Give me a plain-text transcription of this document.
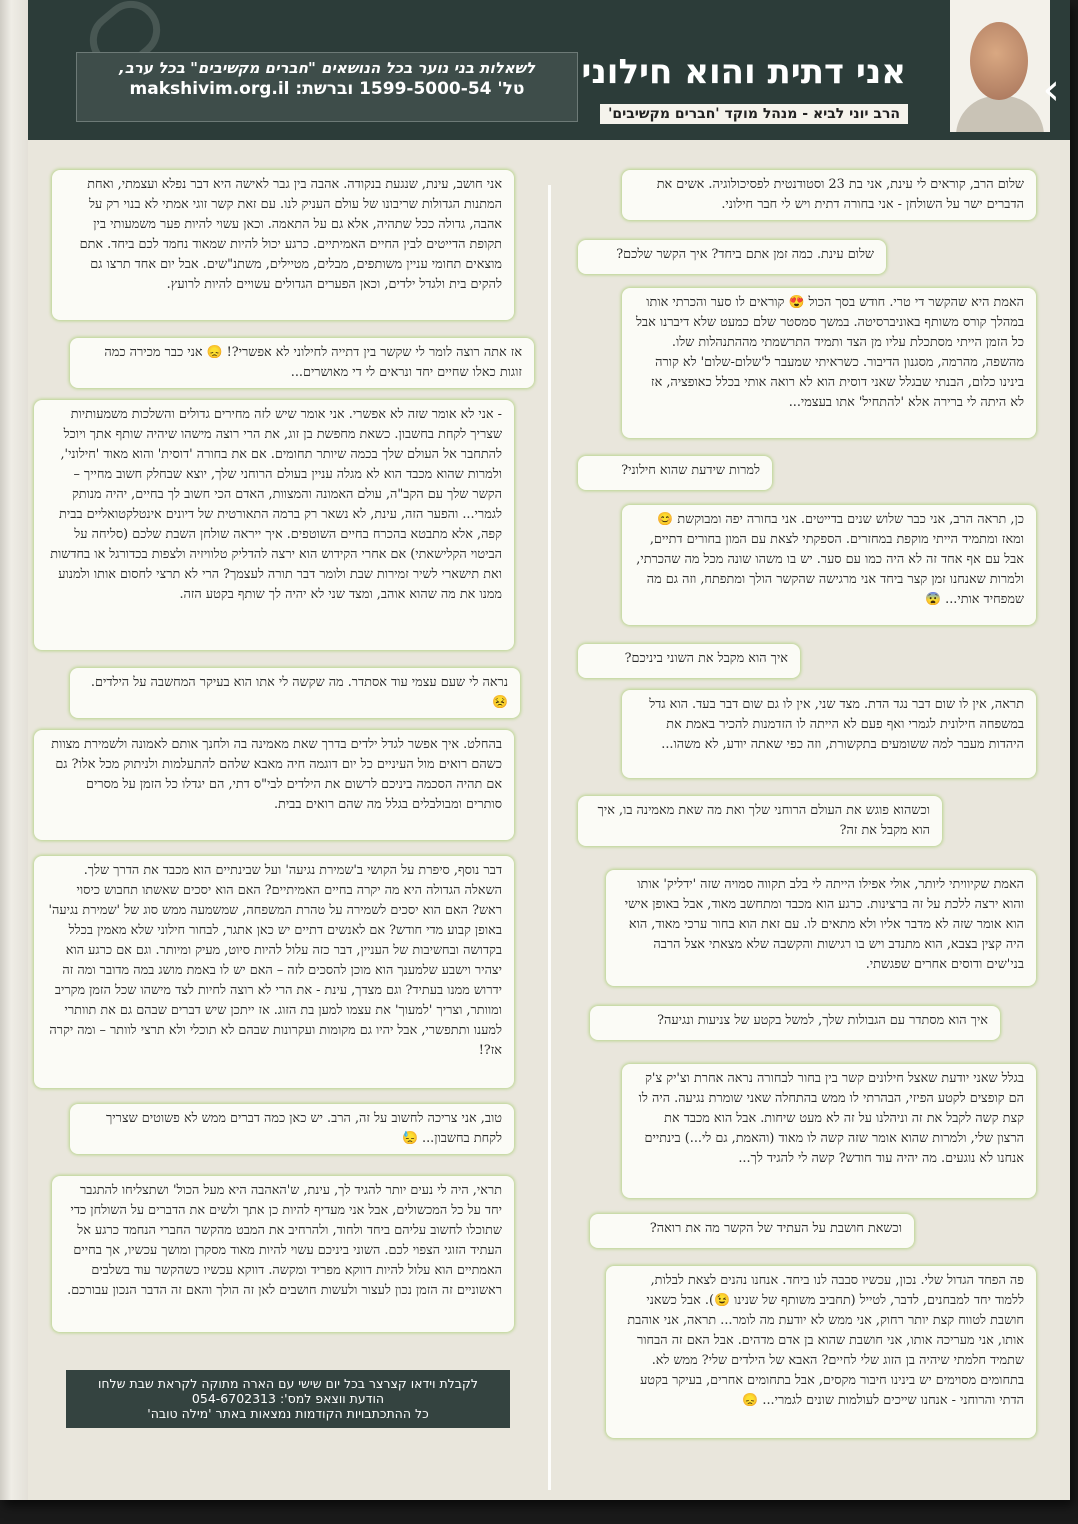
לשאלות בני נוער בכל הנושאים "חברים מקשיבים" בכל ערב,
טל' 1599-5000-54 וברשת: makshivim.org.il	אני דתית והוא חילוני
הרב יוני לביא - מנהל מוקד 'חברים מקשיבים'	‹
שלום הרב, קוראים לי עינת, אני בת 23 וסטודנטית לפסיכולוגיה. אשים את הדברים ישר על השולחן - אני בחורה דתית ויש לי חבר חילוני.
שלום עינת. כמה זמן אתם ביחד? איך הקשר שלכם?
האמת היא שהקשר די טרי. חודש בסך הכול 😍 קוראים לו סער והכרתי אותו במהלך קורס משותף באוניברסיטה. במשך סמסטר שלם כמעט שלא דיברנו אבל כל הזמן הייתי מסתכלת עליו מן הצד ותמיד התרשמתי מההתנהלות שלו. מהשפה, מהרמה, מסגנון הדיבור. כשראיתי שמעבר ל'שלום-שלום' לא קורה בינינו כלום, הבנתי שבגלל שאני דוסית הוא לא רואה אותי בכלל כאופציה, אז לא היתה לי ברירה אלא 'להתחיל' אתו בעצמי...
למרות שידעת שהוא חילוני?
כן, תראה הרב, אני כבר שלוש שנים בדייטים. אני בחורה יפה ומבוקשת 😊 ומאז ומתמיד הייתי מוקפת במחזרים. הספקתי לצאת עם המון בחורים דתיים, אבל עם אף אחד זה לא היה כמו עם סער. יש בו משהו שונה מכל מה שהכרתי, ולמרות שאנחנו זמן קצר ביחד אני מרגישה שהקשר הולך ומתפתח, וזה גם מה שמפחיד אותי... 😨
איך הוא מקבל את השוני ביניכם?
תראה, אין לו שום דבר נגד הדת. מצד שני, אין לו גם שום דבר בעד. הוא גדל במשפחה חילונית לגמרי ואף פעם לא הייתה לו הזדמנות להכיר באמת את היהדות מעבר למה ששומעים בתקשורת, וזה כפי שאתה יודע, לא משהו...
וכשהוא פוגש את העולם הרוחני שלך ואת מה שאת מאמינה בו, איך הוא מקבל את זה?
האמת שקיוויתי ליותר, אולי אפילו הייתה לי בלב תקווה סמויה שזה 'ידליק' אותו והוא ירצה ללכת על זה ברצינות. כרגע הוא מכבד ומתחשב מאוד, אבל באופן אישי הוא אומר שזה לא מדבר אליו ולא מתאים לו. עם זאת הוא בחור ערכי מאוד, הוא היה קצין בצבא, הוא מתנדב ויש בו רגישות והקשבה שלא מצאתי אצל הרבה בני'שים ודוסים אחרים שפגשתי.
איך הוא מסתדר עם הגבולות שלך, למשל בקטע של צניעות ונגיעה?
בגלל שאני יודעת שאצל חילונים קשר בין בחור לבחורה נראה אחרת וצ'יק צ'ק הם קופצים לקטע הפיזי, הבהרתי לו ממש בהתחלה שאני שומרת נגיעה. היה לו קצת קשה לקבל את זה וניהלנו על זה לא מעט שיחות. אבל הוא מכבד את הרצון שלי, ולמרות שהוא אומר שזה קשה לו מאוד (והאמת, גם לי...) בינתיים אנחנו לא נוגעים. מה יהיה עוד חודש? קשה לי להגיד לך...
וכשאת חושבת על העתיד של הקשר מה את רואה?
פה הפחד הגדול שלי. נכון, עכשיו סבבה לנו ביחד. אנחנו נהנים לצאת לבלות, ללמוד יחד למבחנים, לדבר, לטייל (תחביב משותף של שנינו 😉). אבל כשאני חושבת לטווח קצת יותר רחוק, אני ממש לא יודעת מה לומר... תראה, אני אוהבת אותו, אני מעריכה אותו, אני חושבת שהוא בן אדם מדהים. אבל האם זה הבחור שתמיד חלמתי שיהיה בן הזוג שלי לחיים? האבא של הילדים שלי? ממש לא. בתחומים מסוימים יש בינינו חיבור מקסים, אבל בתחומים אחרים, בעיקר בקטע הדתי והרוחני - אנחנו שייכים לעולמות שונים לגמרי... 😞
אני חושב, עינת, שנגעת בנקודה. אהבה בין גבר לאישה היא דבר נפלא ועצמתי, ואחת המתנות הגדולות שריבונו של עולם העניק לנו. עם זאת קשר זוגי אמתי לא בנוי רק על אהבה, גדולה ככל שתהיה, אלא גם על התאמה. וכאן עשוי להיות פער משמעותי בין תקופת הדייטים לבין החיים האמיתיים. כרגע יכול להיות שמאוד נחמד לכם ביחד. אתם מוצאים תחומי עניין משותפים, מבלים, מטיילים, משתנ"שים. אבל יום אחד תרצו גם להקים בית ולגדל ילדים, וכאן הפערים הגדולים עשויים להיות לרועץ.
אז אתה רוצה לומר לי שקשר בין דתייה לחילוני לא אפשרי?! 😞 אני כבר מכירה כמה זוגות כאלו שחיים יחד ונראים לי די מאושרים...
- אני לא אומר שזה לא אפשרי. אני אומר שיש לזה מחירים גדולים והשלכות משמעותיות שצריך לקחת בחשבון. כשאת מחפשת בן זוג, את הרי רוצה מישהו שיהיה שותף אתך ויוכל להתחבר אל העולם שלך בכמה שיותר תחומים. אם את בחורה 'דוסית' והוא מאוד 'חילוני', ולמרות שהוא מכבד הוא לא מגלה עניין בעולם הרוחני שלך, יוצא שבחלק חשוב מחייך – הקשר שלך עם הקב"ה, עולם האמונה והמצוות, האדם הכי חשוב לך בחיים, יהיה מנותק לגמרי... והפער הזה, עינת, לא נשאר רק ברמה התאורטית של דיונים אינטלקטואליים בבית קפה, אלא מתבטא בהכרח בחיים השוטפים. איך ייראה שולחן השבת שלכם (סליחה על הביטוי הקלישאתי) אם אחרי הקידוש הוא ירצה להדליק טלוויזיה ולצפות בכדורגל או בחדשות ואת תישארי לשיר זמירות שבת ולומר דבר תורה לעצמך? הרי לא תרצי לחסום אותו ולמנוע ממנו את מה שהוא אוהב, ומצד שני לא יהיה לך שותף בקטע הזה.
נראה לי שעם עצמי עוד אסתדר. מה שקשה לי אתו הוא בעיקר המחשבה על הילדים. 😣
בהחלט. איך אפשר לגדל ילדים בדרך שאת מאמינה בה ולחנך אותם לאמונה ולשמירת מצוות כשהם רואים מול העיניים כל יום דוגמה חיה מאבא שלהם להתעלמות ולניתוק מכל אלו? גם אם תהיה הסכמה ביניכם לרשום את הילדים לבי"ס דתי, הם יגדלו כל הזמן על מסרים סותרים ומבולבלים בגלל מה שהם רואים בבית.
דבר נוסף, סיפרת על הקושי ב'שמירת נגיעה' ועל שבינתיים הוא מכבד את הדרך שלך. השאלה הגדולה היא מה יקרה בחיים האמיתיים? האם הוא יסכים שאשתו תחבוש כיסוי ראש? האם הוא יסכים לשמירה על טהרת המשפחה, שמשמעה ממש סוג של 'שמירת נגיעה' באופן קבוע מדי חודש? אם לאנשים דתיים יש כאן אתגר, לבחור חילוני שלא מאמין בכלל בקדושה ובחשיבות של העניין, דבר כזה עלול להיות סיוט, מעיק ומיותר. וגם אם כרגע הוא יצהיר וישבע שלמענך הוא מוכן להסכים לזה – האם יש לו באמת מושג במה מדובר ומה זה ידרוש ממנו בעתיד? וגם מצדך, עינת - את הרי לא רוצה לחיות לצד מישהו שכל הזמן מקריב ומוותר, וצריך 'למעוך' את עצמו למען בת הזוג. אז ייתכן שיש דברים שבהם גם את תוותרי למענו ותתפשרי, אבל יהיו גם מקומות ועקרונות שבהם לא תוכלי ולא תרצי לוותר – ומה יקרה אז?!
טוב, אני צריכה לחשוב על זה, הרב. יש כאן כמה דברים ממש לא פשוטים שצריך לקחת בחשבון... 😓
תראי, היה לי נעים יותר להגיד לך, עינת, ש'האהבה היא מעל הכול' ושתצליחו להתגבר יחד על כל המכשולים, אבל אני מעדיף להיות כן אתך ולשים את הדברים על השולחן כדי שתוכלו לחשוב עליהם ביחד ולחוד, ולהרחיב את המבט מהקשר החברי הנחמד כרגע אל העתיד הזוגי הצפוי לכם. השוני ביניכם עשוי להיות מאוד מסקרן ומושך עכשיו, אך בחיים האמתיים הוא עלול להיות דווקא מפריד ומקשה. דווקא עכשיו כשהקשר עוד בשלבים ראשוניים זה הזמן נכון לעצור ולעשות חושבים לאן זה הולך והאם זה הדבר הנכון עבורכם.
לקבלת וידאו קצרצר בכל יום שישי עם הארה מתוקה לקראת שבת שלחו
הודעת ווצאפ למס': 054-6702313
כל ההתכתבויות הקודמות נמצאות באתר 'מילה טובה'
